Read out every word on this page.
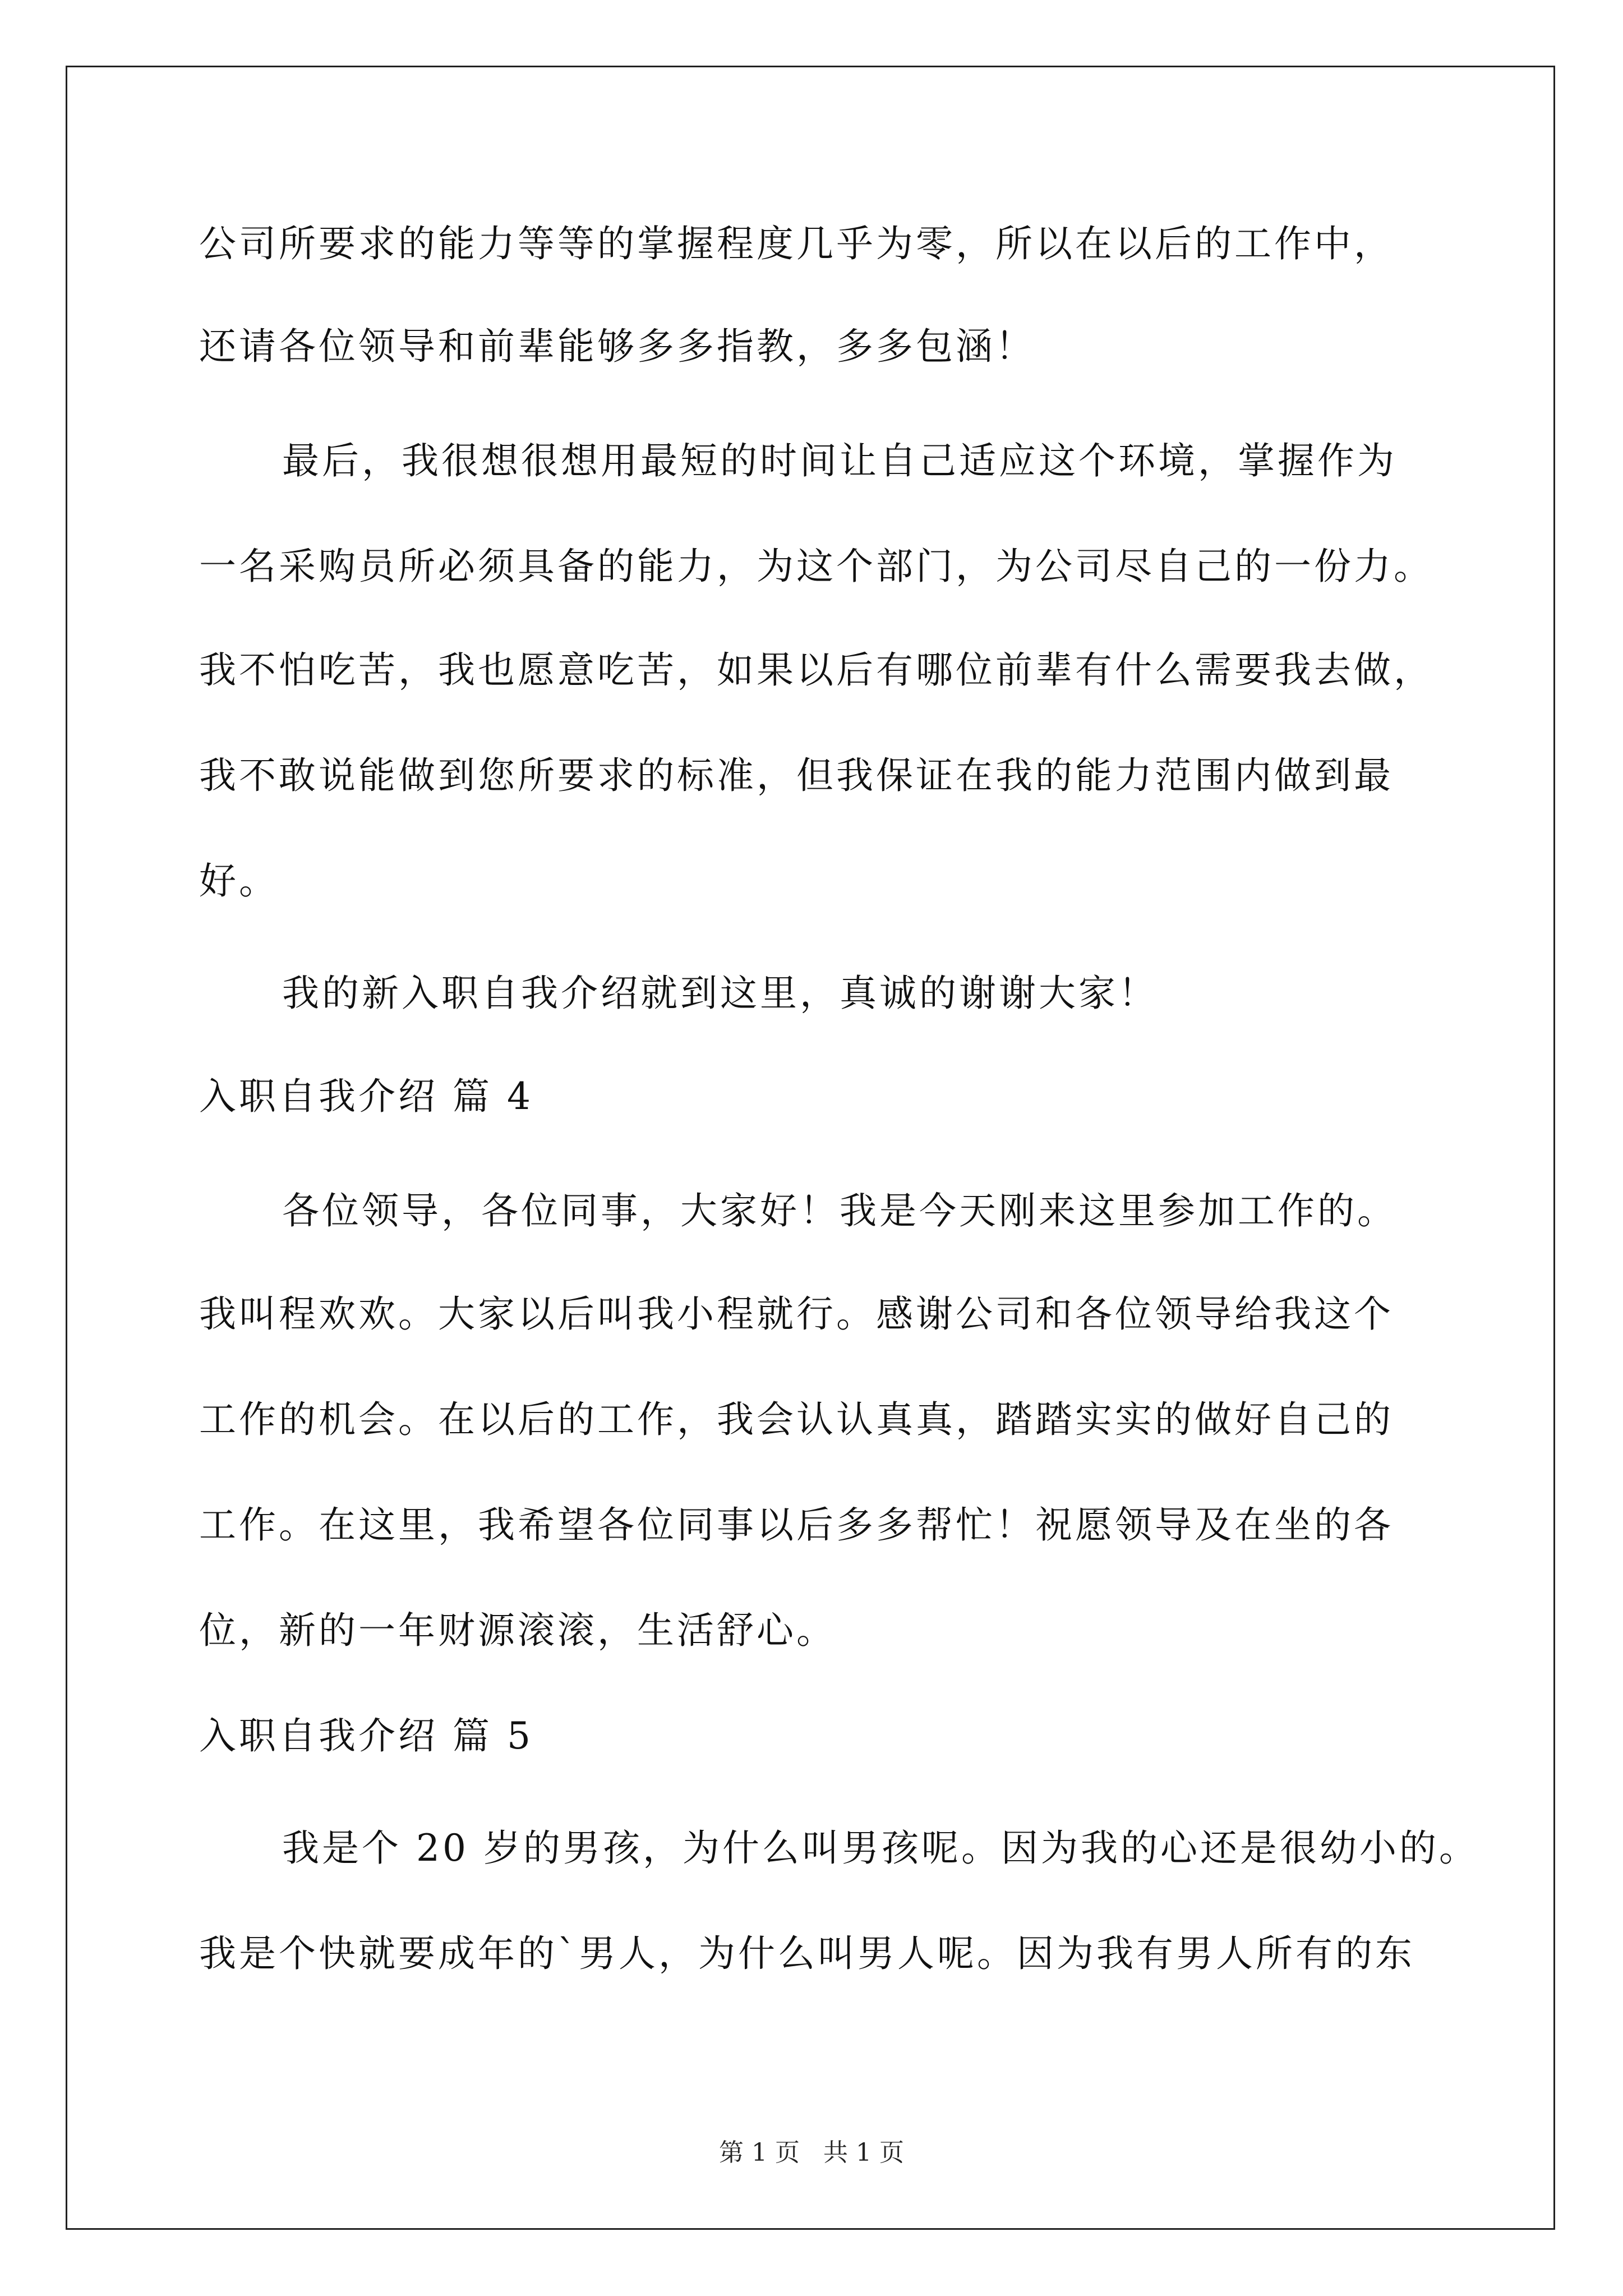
公司所要求的能力等等的掌握程度几乎为零，所以在以后的工作中，
还请各位领导和前辈能够多多指教，多多包涵！
最后，我很想很想用最短的时间让自己适应这个环境，掌握作为
一名采购员所必须具备的能力，为这个部门，为公司尽自己的一份力。
我不怕吃苦，我也愿意吃苦，如果以后有哪位前辈有什么需要我去做，
我不敢说能做到您所要求的标准，但我保证在我的能力范围内做到最
好。
我的新入职自我介绍就到这里，真诚的谢谢大家！
入职自我介绍 篇 4
各位领导，各位同事，大家好！我是今天刚来这里参加工作的。
我叫程欢欢。大家以后叫我小程就行。感谢公司和各位领导给我这个
工作的机会。在以后的工作，我会认认真真，踏踏实实的做好自己的
工作。在这里，我希望各位同事以后多多帮忙！祝愿领导及在坐的各
位，新的一年财源滚滚，生活舒心。
入职自我介绍 篇 5
我是个 20 岁的男孩，为什么叫男孩呢。因为我的心还是很幼小的。
我是个快就要成年的`男人，为什么叫男人呢。因为我有男人所有的东
第 1 页   共 1 页
